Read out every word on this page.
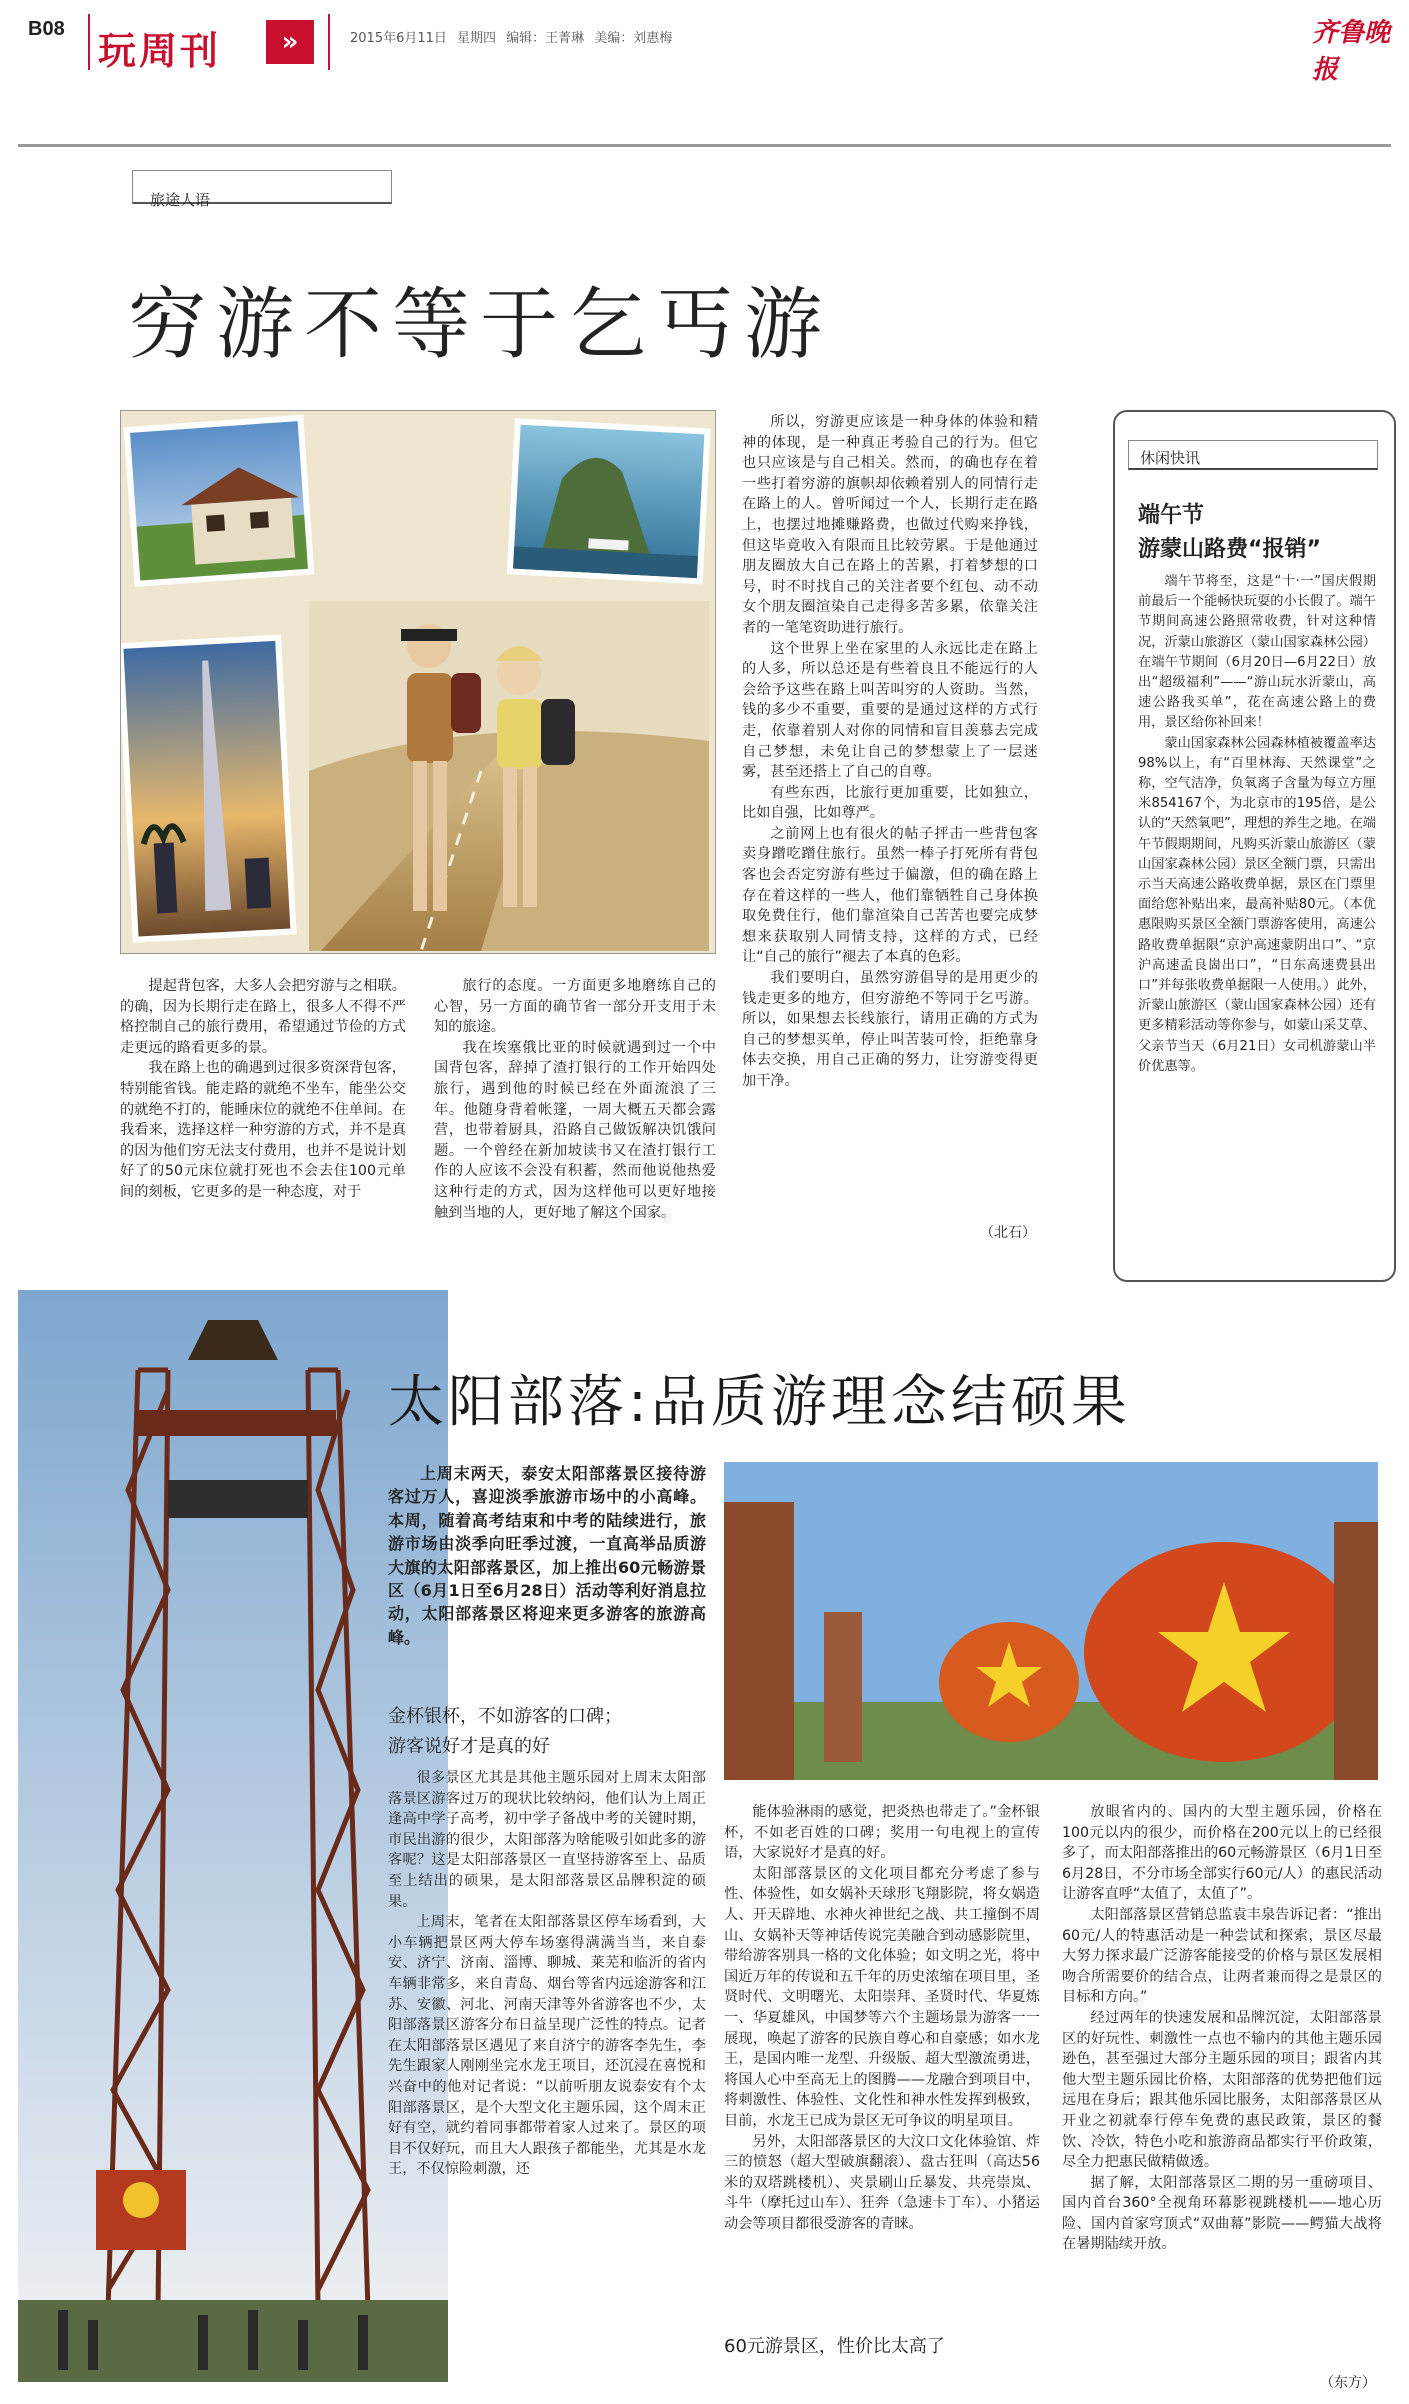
B08 玩周刊	»	2015年6月11日 星期四 编辑：王菁琳 美编：刘惠梅	齐鲁晚报
旅途人语
穷游不等于乞丐游

提起背包客，大多人会把穷游与之相联。的确，因为长期行走在路上，很多人不得不严格控制自己的旅行费用，希望通过节俭的方式走更远的路看更多的景。

我在路上也的确遇到过很多资深背包客，特别能省钱。能走路的就绝不坐车，能坐公交的就绝不打的，能睡床位的就绝不住单间。在我看来，选择这样一种穷游的方式，并不是真的因为他们穷无法支付费用，也并不是说计划好了的50元床位就打死也不会去住100元单间的刻板，它更多的是一种态度，对于

旅行的态度。一方面更多地磨练自己的心智，另一方面的确节省一部分开支用于未知的旅途。

我在埃塞俄比亚的时候就遇到过一个中国背包客，辞掉了渣打银行的工作开始四处旅行，遇到他的时候已经在外面流浪了三年。他随身背着帐篷，一周大概五天都会露营，也带着厨具，沿路自己做饭解决饥饿问题。一个曾经在新加坡读书又在渣打银行工作的人应该不会没有积蓄，然而他说他热爱这种行走的方式，因为这样他可以更好地接触到当地的人，更好地了解这个国家。

所以，穷游更应该是一种身体的体验和精神的体现，是一种真正考验自己的行为。但它也只应该是与自己相关。然而，的确也存在着一些打着穷游的旗帜却依赖着别人的同情行走在路上的人。曾听闻过一个人，长期行走在路上，也摆过地摊赚路费，也做过代购来挣钱，但这毕竟收入有限而且比较劳累。于是他通过朋友圈放大自己在路上的苦累，打着梦想的口号，时不时找自己的关注者要个红包、动不动女个朋友圈渲染自己走得多苦多累，依靠关注者的一笔笔资助进行旅行。

这个世界上坐在家里的人永远比走在路上的人多，所以总还是有些着良且不能远行的人会给予这些在路上叫苦叫穷的人资助。当然，钱的多少不重要，重要的是通过这样的方式行走，依靠着别人对你的同情和盲目羡慕去完成自己梦想，未免让自己的梦想蒙上了一层迷雾，甚至还搭上了自己的自尊。

有些东西，比旅行更加重要，比如独立，比如自强，比如尊严。

之前网上也有很火的帖子抨击一些背包客卖身蹭吃蹭住旅行。虽然一棒子打死所有背包客也会否定穷游有些过于偏激，但的确在路上存在着这样的一些人，他们靠牺牲自己身体换取免费住行，他们靠渲染自己苦苦也要完成梦想来获取别人同情支持，这样的方式，已经让“自己的旅行”褪去了本真的色彩。

我们要明白，虽然穷游倡导的是用更少的钱走更多的地方，但穷游绝不等同于乞丐游。所以，如果想去长线旅行，请用正确的方式为自己的梦想买单，停止叫苦装可怜，拒绝靠身体去交换，用自己正确的努力，让穷游变得更加干净。

（北石）
休闲快讯
端午节
游蒙山路费“报销”

端午节将至，这是“十·一”国庆假期前最后一个能畅快玩耍的小长假了。端午节期间高速公路照常收费，针对这种情况，沂蒙山旅游区（蒙山国家森林公园）在端午节期间（6月20日—6月22日）放出“超级福利”——“游山玩水沂蒙山，高速公路我买单”，花在高速公路上的费用，景区给你补回来！

蒙山国家森林公园森林植被覆盖率达98%以上，有“百里林海、天然课堂”之称，空气洁净，负氧离子含量为每立方厘米854167个，为北京市的195倍，是公认的“天然氧吧”，理想的养生之地。在端午节假期期间，凡购买沂蒙山旅游区（蒙山国家森林公园）景区全额门票，只需出示当天高速公路收费单据，景区在门票里面给您补贴出来，最高补贴80元。（本优惠限购买景区全额门票游客使用，高速公路收费单据限“京沪高速蒙阴出口”、“京沪高速孟良崮出口”，“日东高速费县出口”并每张收费单据限一人使用。）此外，沂蒙山旅游区（蒙山国家森林公园）还有更多精彩活动等你参与，如蒙山采艾草、父亲节当天（6月21日）女司机游蒙山半价优惠等。

太阳部落:品质游理念结硕果

上周末两天，泰安太阳部落景区接待游客过万人，喜迎淡季旅游市场中的小高峰。本周，随着高考结束和中考的陆续进行，旅游市场由淡季向旺季过渡，一直高举品质游大旗的太阳部落景区，加上推出60元畅游景区（6月1日至6月28日）活动等利好消息拉动，太阳部落景区将迎来更多游客的旅游高峰。

金杯银杯，不如游客的口碑；
游客说好才是真的好

很多景区尤其是其他主题乐园对上周末太阳部落景区游客过万的现状比较纳闷，他们认为上周正逢高中学子高考，初中学子备战中考的关键时期，市民出游的很少，太阳部落为啥能吸引如此多的游客呢？这是太阳部落景区一直坚持游客至上、品质至上结出的硕果，是太阳部落景区品牌积淀的硕果。

上周末，笔者在太阳部落景区停车场看到，大小车辆把景区两大停车场塞得满满当当，来自泰安、济宁、济南、淄博、聊城、莱芜和临沂的省内车辆非常多，来自青岛、烟台等省内远途游客和江苏、安徽、河北、河南天津等外省游客也不少，太阳部落景区游客分布日益呈现广泛性的特点。记者在太阳部落景区遇见了来自济宁的游客李先生，李先生跟家人刚刚坐完水龙王项目，还沉浸在喜悦和兴奋中的他对记者说：“以前听朋友说泰安有个太阳部落景区，是个大型文化主题乐园，这个周末正好有空，就约着同事都带着家人过来了。景区的项目不仅好玩，而且大人跟孩子都能坐，尤其是水龙王，不仅惊险刺激，还

能体验淋雨的感觉，把炎热也带走了。”金杯银杯，不如老百姓的口碑；奖用一句电视上的宣传语，大家说好才是真的好。

太阳部落景区的文化项目都充分考虑了参与性、体验性，如女娲补天球形飞翔影院，将女娲造人、开天辟地、水神火神世纪之战、共工撞倒不周山、女娲补天等神话传说完美融合到动感影院里，带给游客别具一格的文化体验；如文明之光，将中国近万年的传说和五千年的历史浓缩在项目里，圣贤时代、文明曙光、太阳崇拜、圣贤时代、华夏炼一、华夏雄风，中国梦等六个主题场景为游客一一展现，唤起了游客的民族自尊心和自豪感；如水龙王，是国内唯一龙型、升级版、超大型激流勇进，将国人心中至高无上的图腾——龙融合到项目中，将刺激性、体验性、文化性和神水性发挥到极致，目前，水龙王已成为景区无可争议的明星项目。

另外，太阳部落景区的大汶口文化体验馆、炸三的愤怒（超大型破旗翻滚）、盘古狂叫（高达56米的双塔跳楼机）、夹景刷山丘暴发、共亮崇岚、斗牛（摩托过山车）、狂奔（急速卡丁车）、小猪运动会等项目都很受游客的青睐。

60元游景区，性价比太高了

放眼省内的、国内的大型主题乐园，价格在100元以内的很少，而价格在200元以上的已经很多了，而太阳部落推出的60元畅游景区（6月1日至6月28日，不分市场全部实行60元/人）的惠民活动让游客直呼“太值了，太值了”。

太阳部落景区营销总监袁丰泉告诉记者：“推出60元/人的特惠活动是一种尝试和探索，景区尽最大努力探求最广泛游客能接受的价格与景区发展相吻合所需要价的结合点，让两者兼而得之是景区的目标和方向。”

经过两年的快速发展和品牌沉淀，太阳部落景区的好玩性、刺激性一点也不输内的其他主题乐园逊色，甚至强过大部分主题乐园的项目；跟省内其他大型主题乐园比价格，太阳部落的优势把他们远远甩在身后；跟其他乐园比服务，太阳部落景区从开业之初就奉行停车免费的惠民政策，景区的餐饮、冷饮，特色小吃和旅游商品都实行平价政策，尽全力把惠民做精做透。

据了解，太阳部落景区二期的另一重磅项目、国内首台360°全视角环幕影视跳楼机——地心历险、国内首家穹顶式“双曲幕”影院——鳄猫大战将在暑期陆续开放。

（东方）
